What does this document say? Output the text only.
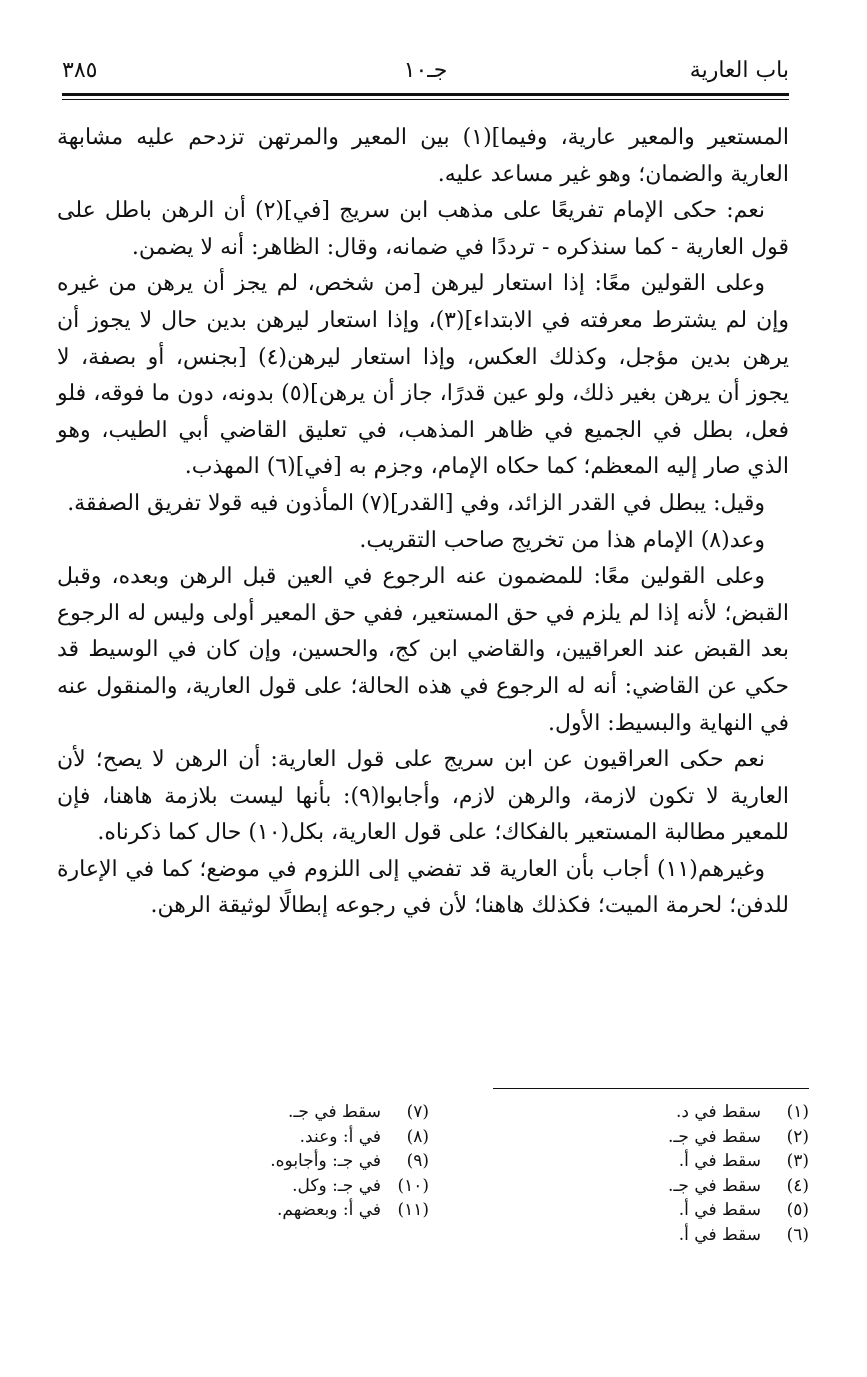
باب العارية
جـ١٠
٣٨٥

المستعير والمعير عارية، وفيما](١) بين المعير والمرتهن تزدحم عليه مشابهة العارية والضمان؛ وهو غير مساعد عليه.

نعم: حكى الإمام تفريعًا على مذهب ابن سريج [في](٢) أن الرهن باطل على قول العارية - كما سنذكره - ترددًا في ضمانه، وقال: الظاهر: أنه لا يضمن.

وعلى القولين معًا: إذا استعار ليرهن [من شخص، لم يجز أن يرهن من غيره وإن لم يشترط معرفته في الابتداء](٣)، وإذا استعار ليرهن بدين حال لا يجوز أن يرهن بدين مؤجل، وكذلك العكس، وإذا استعار ليرهن(٤) [بجنس، أو بصفة، لا يجوز أن يرهن بغير ذلك، ولو عين قدرًا، جاز أن يرهن](٥) بدونه، دون ما فوقه، فلو فعل، بطل في الجميع في ظاهر المذهب، في تعليق القاضي أبي الطيب، وهو الذي صار إليه المعظم؛ كما حكاه الإمام، وجزم به [في](٦) المهذب.

وقيل: يبطل في القدر الزائد، وفي [القدر](٧) المأذون فيه قولا تفريق الصفقة.

وعد(٨) الإمام هذا من تخريج صاحب التقريب.

وعلى القولين معًا: للمضمون عنه الرجوع في العين قبل الرهن وبعده، وقبل القبض؛ لأنه إذا لم يلزم في حق المستعير، ففي حق المعير أولى وليس له الرجوع بعد القبض عند العراقيين، والقاضي ابن كج، والحسين، وإن كان في الوسيط قد حكي عن القاضي: أنه له الرجوع في هذه الحالة؛ على قول العارية، والمنقول عنه في النهاية والبسيط: الأول.

نعم حكى العراقيون عن ابن سريج على قول العارية: أن الرهن لا يصح؛ لأن العارية لا تكون لازمة، والرهن لازم، وأجابوا(٩): بأنها ليست بلازمة هاهنا، فإن للمعير مطالبة المستعير بالفكاك؛ على قول العارية، بكل(١٠) حال كما ذكرناه.

وغيرهم(١١) أجاب بأن العارية قد تفضي إلى اللزوم في موضع؛ كما في الإعارة للدفن؛ لحرمة الميت؛ فكذلك هاهنا؛ لأن في رجوعه إبطالًا لوثيقة الرهن.

(١)سقط في د.
(٢)سقط في جـ.
(٣)سقط في أ.
(٤)سقط في جـ.
(٥)سقط في أ.
(٦)سقط في أ.
(٧)سقط في جـ.
(٨)في أ: وعند.
(٩)في جـ: وأجابوه.
(١٠)في جـ: وكل.
(١١)في أ: وبعضهم.
